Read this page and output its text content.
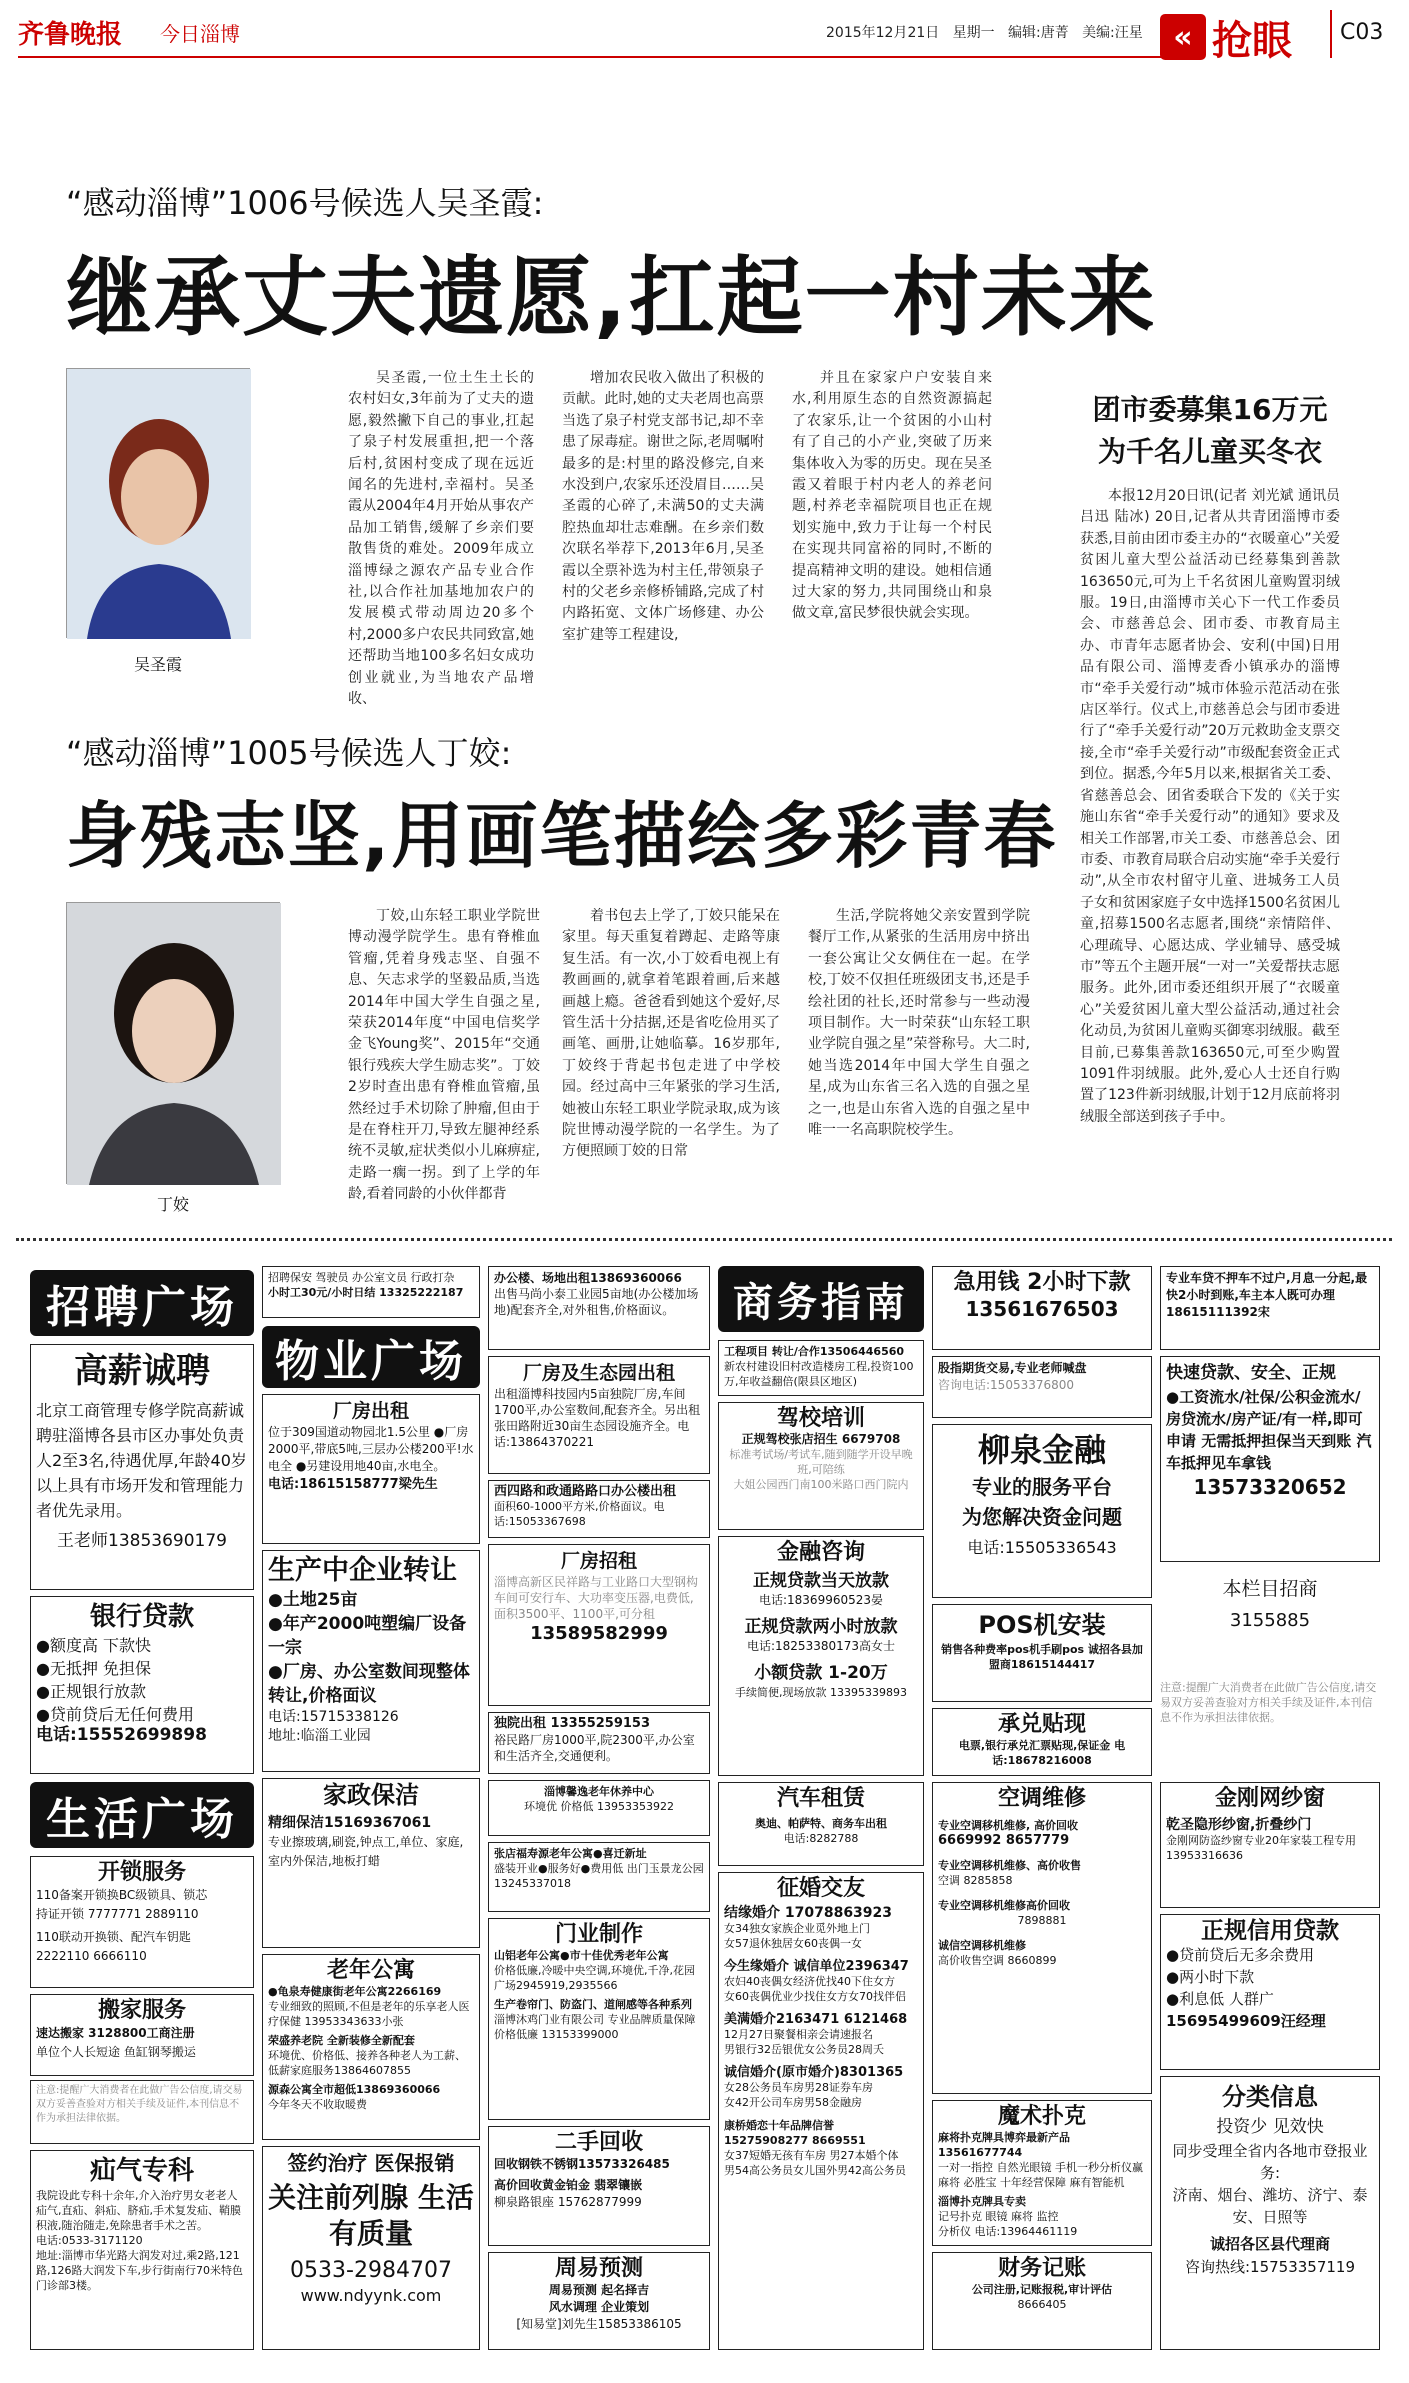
齐鲁晚报 今日淄博	2015年12月21日 星期一 编辑:唐菁 美编:汪星	« 抢眼 C03
“感动淄博”1006号候选人吴圣霞:
继承丈夫遗愿,扛起一村未来
吴圣霞
吴圣霞,一位土生土长的农村妇女,3年前为了丈夫的遗愿,毅然撇下自己的事业,扛起了泉子村发展重担,把一个落后村,贫困村变成了现在远近闻名的先进村,幸福村。吴圣霞从2004年4月开始从事农产品加工销售,缓解了乡亲们要散售货的难处。2009年成立淄博绿之源农产品专业合作社,以合作社加基地加农户的发展模式带动周边20多个村,2000多户农民共同致富,她还帮助当地100多名妇女成功创业就业,为当地农产品增收、
增加农民收入做出了积极的贡献。此时,她的丈夫老周也高票当选了泉子村党支部书记,却不幸患了尿毒症。谢世之际,老周嘱咐最多的是:村里的路没修完,自来水没到户,农家乐还没眉目……吴圣霞的心碎了,未满50的丈夫满腔热血却壮志难酬。在乡亲们数次联名举荐下,2013年6月,吴圣霞以全票补选为村主任,带领泉子村的父老乡亲修桥铺路,完成了村内路拓宽、文体广场修建、办公室扩建等工程建设,
并且在家家户户安装自来水,利用原生态的自然资源搞起了农家乐,让一个贫困的小山村有了自己的小产业,突破了历来集体收入为零的历史。现在吴圣霞又着眼于村内老人的养老问题,村养老幸福院项目也正在规划实施中,致力于让每一个村民在实现共同富裕的同时,不断的提高精神文明的建设。她相信通过大家的努力,共同围绕山和泉做文章,富民梦很快就会实现。
“感动淄博”1005号候选人丁姣:
身残志坚,用画笔描绘多彩青春
丁姣
丁姣,山东轻工职业学院世博动漫学院学生。患有脊椎血管瘤,凭着身残志坚、自强不息、矢志求学的坚毅品质,当选2014年中国大学生自强之星,荣获2014年度“中国电信奖学金飞Young奖”、2015年“交通银行残疾大学生励志奖”。丁姣2岁时查出患有脊椎血管瘤,虽然经过手术切除了肿瘤,但由于是在脊柱开刀,导致左腿神经系统不灵敏,症状类似小儿麻痹症,走路一瘸一拐。到了上学的年龄,看着同龄的小伙伴都背
着书包去上学了,丁姣只能呆在家里。每天重复着蹲起、走路等康复生活。有一次,小丁姣看电视上有教画画的,就拿着笔跟着画,后来越画越上瘾。爸爸看到她这个爱好,尽管生活十分拮据,还是省吃俭用买了画笔、画册,让她临摹。16岁那年,丁姣终于背起书包走进了中学校园。经过高中三年紧张的学习生活,她被山东轻工职业学院录取,成为该院世博动漫学院的一名学生。为了方便照顾丁姣的日常
生活,学院将她父亲安置到学院餐厅工作,从紧张的生活用房中挤出一套公寓让父女俩住在一起。在学校,丁姣不仅担任班级团支书,还是手绘社团的社长,还时常参与一些动漫项目制作。大一时荣获“山东轻工职业学院自强之星”荣誉称号。大二时,她当选2014年中国大学生自强之星,成为山东省三名入选的自强之星之一,也是山东省入选的自强之星中唯一一名高职院校学生。
团市委募集16万元
为千名儿童买冬衣
本报12月20日讯(记者 刘光斌 通讯员 吕迅 陆冰) 20日,记者从共青团淄博市委获悉,目前由团市委主办的“衣暖童心”关爱贫困儿童大型公益活动已经募集到善款163650元,可为上千名贫困儿童购置羽绒服。19日,由淄博市关心下一代工作委员会、市慈善总会、团市委、市教育局主办、市青年志愿者协会、安利(中国)日用品有限公司、淄博麦香小镇承办的淄博市“牵手关爱行动”城市体验示范活动在张店区举行。仪式上,市慈善总会与团市委进行了“牵手关爱行动”20万元救助金支票交接,全市“牵手关爱行动”市级配套资金正式到位。据悉,今年5月以来,根据省关工委、省慈善总会、团省委联合下发的《关于实施山东省“牵手关爱行动”的通知》要求及相关工作部署,市关工委、市慈善总会、团市委、市教育局联合启动实施“牵手关爱行动”,从全市农村留守儿童、进城务工人员子女和贫困家庭子女中选择1500名贫困儿童,招募1500名志愿者,围绕“亲情陪伴、心理疏导、心愿达成、学业辅导、感受城市”等五个主题开展“一对一”关爱帮扶志愿服务。此外,团市委还组织开展了“衣暖童心”关爱贫困儿童大型公益活动,通过社会化动员,为贫困儿童购买御寒羽绒服。截至目前,已募集善款163650元,可至少购置1091件羽绒服。此外,爱心人士还自行购置了123件新羽绒服,计划于12月底前将羽绒服全部送到孩子手中。
招聘广场
高薪诚聘
北京工商管理专修学院高薪诚聘驻淄博各县市区办事处负责人2至3名,待遇优厚,年龄40岁以上具有市场开发和管理能力者优先录用。
王老师13853690179
银行贷款
●额度高 下款快
●无抵押 免担保
●正规银行放款
●贷前贷后无任何费用
电话:15552699898
生活广场
开锁服务
110备案开锁换BC级锁具、锁芯
持证开锁 7777771 2889110
110联动开换锁、配汽车钥匙
2222110 6666110
搬家服务
速达搬家 3128800工商注册
单位个人长短途 鱼缸钢琴搬运
注意:提醒广大消费者在此做广告公信度,请交易双方妥善查验对方相关手续及证件,本刊信息不作为承担法律依据。
疝气专科
我院设此专科十余年,介入治疗男女老老人疝气,直疝、斜疝、脐疝,手术复发疝、鞘膜积液,随治随走,免除患者手术之苦。
电话:0533-3171120
地址:淄博市华光路大润发对过,乘2路,121路,126路大润发下车,步行街南行70米特色门诊部3楼。
招聘保安 驾驶员 办公室文员 行政打杂
小时工30元/小时日结 13325222187
物业广场
厂房出租
位于309国道动物园北1.5公里 ●厂房2000平,带底5吨,三层办公楼200平!水电全 ●另建设用地40亩,水电全。
电话:18615158777梁先生
生产中企业转让
●土地25亩
●年产2000吨塑编厂设备一宗
●厂房、办公室数间现整体转让,价格面议
电话:15715338126
地址:临淄工业园
家政保洁
精细保洁15169367061
专业擦玻璃,刷瓷,钟点工,单位、家庭,室内外保洁,地板打蜡
老年公寓
●龟泉寿健康街老年公寓2266169
专业细致的照顾,不但是老年的乐享老人医疗保健 13953343633小张
荣盛养老院 全新装修全新配套
环境优、价格低、接养各种老人为工薪、低薪家庭服务13864607855
源森公寓全市超低13869360066
今年冬天不收取暖费
签约治疗 医保报销
关注前列腺 生活有质量
0533-2984707
www.ndyynk.com
办公楼、场地出租13869360066
出售马尚小泰工业园5亩地(办公楼加场地)配套齐全,对外租售,价格面议。
厂房及生态园出租
出租淄博科技园内5亩独院厂房,车间1700平,办公室数间,配套齐全。另出租张田路附近30亩生态园设施齐全。电话:13864370221
西四路和政通路路口办公楼出租
面积60-1000平方米,价格面议。电话:15053367698
厂房招租
淄博高新区民祥路与工业路口大型钢构车间可安行车、大功率变压器,电费低,面积3500平、1100平,可分租
13589582999
独院出租 13355259153
裕民路厂房1000平,院2300平,办公室和生活齐全,交通便利。
淄博馨逸老年休养中心
环境优 价格低 13953353922
张店福寿源老年公寓●喜迁新址
盛装开业●服务好●费用低 出门玉景龙公园13245337018
门业制作
山铝老年公寓●市十佳优秀老年公寓
价格低廉,冷暖中央空调,环境优,千净,花园广场2945919,2935566
生产卷帘门、防盗门、道闸感等各种系列
淄博沐鸡门业有限公司 专业品牌质量保障 价格低廉 13153399000
二手回收
回收钢铁不锈钢13573326485
高价回收黄金铂金 翡翠镶嵌
柳泉路银座 15762877999
周易预测
周易预测 起名择吉
风水调理 企业策划
[知易堂]刘先生15853386105
商务指南
工程项目 转让/合作13506446560
新农村建设旧村改造楼房工程,投资100万,年收益翻倍(限县区地区)
驾校培训
正规驾校张店招生 6679708
标准考试场/考试车,随到随学开设早晚班,可陪练
大姐公园西门南100米路口西门院内
金融咨询
正规贷款当天放款
电话:18369960523晏
正规贷款两小时放款
电话:18253380173高女士
小额贷款 1-20万
手续简便,现场放款 13395339893
汽车租赁
奥迪、帕萨特、商务车出租
电话:8282788
征婚交友
结缘婚介 17078863923
女34独女家族企业觅外地上门
女57退休独居女60丧偶一女
今生缘婚介 诚信单位2396347
农妇40丧偶女经济优找40下住女方
女60丧偶优业少找住女方女70找伴侣
美满婚介2163471 6121468
12月27日聚餐相亲会请速报名
男银行32岳银优女公务员28周夭
诚信婚介(原市婚介)8301365
女28公务员车房男28证券车房
女42开公司车房男58金融房
康桥婚恋十年品牌信誉 15275908277 8669551
女37短婚无孩有车房 男27本婚个体
男54高公务员女儿国外男42高公务员
急用钱 2小时下款
13561676503
股指期货交易,专业老师喊盘
咨询电话:15053376800
柳泉金融
专业的服务平台
为您解决资金问题
电话:15505336543
POS机安装
销售各种费率pos机手刷pos 诚招各县加盟商18615144417
承兑贴现
电票,银行承兑汇票贴现,保证金 电话:18678216008
空调维修
专业空调移机维修, 高价回收
6669992 8657779
专业空调移机维修、高价收售
空调 8285858
专业空调移机维修高价回收
7898881
诚信空调移机维修
高价收售空调 8660899
魔术扑克
麻将扑克牌具博弈最新产品13561677744
一对一指控 自然光眼镜 手机一秒分析仪赢麻将 必胜宝 十年经营保障 麻有智能机
淄博扑克牌具专卖
记号扑克 眼镜 麻将 监控
分析仪 电话:13964461119
财务记账
公司注册,记账报税,审计评估
8666405
专业车贷不押车不过户,月息一分起,最快2小时到账,车主本人既可办理
18615111392宋
快速贷款、安全、正规
●工资流水/社保/公积金流水/房贷流水/房产证/有一样,即可申请 无需抵押担保当天到账 汽车抵押见车拿钱
13573320652
本栏目招商
3155885
注意:提醒广大消费者在此做广告公信度,请交易双方妥善查验对方相关手续及证件,本刊信息不作为承担法律依据。
金刚网纱窗
乾圣隐形纱窗,折叠纱门
金刚网防盗纱窗专业20年家装工程专用 13953316636
正规信用贷款
●贷前贷后无多余费用
●两小时下款
●利息低 人群广
15695499609汪经理
分类信息
投资少 见效快
同步受理全省内各地市登报业务:
济南、烟台、潍坊、济宁、泰安、日照等
诚招各区县代理商
咨询热线:15753357119
